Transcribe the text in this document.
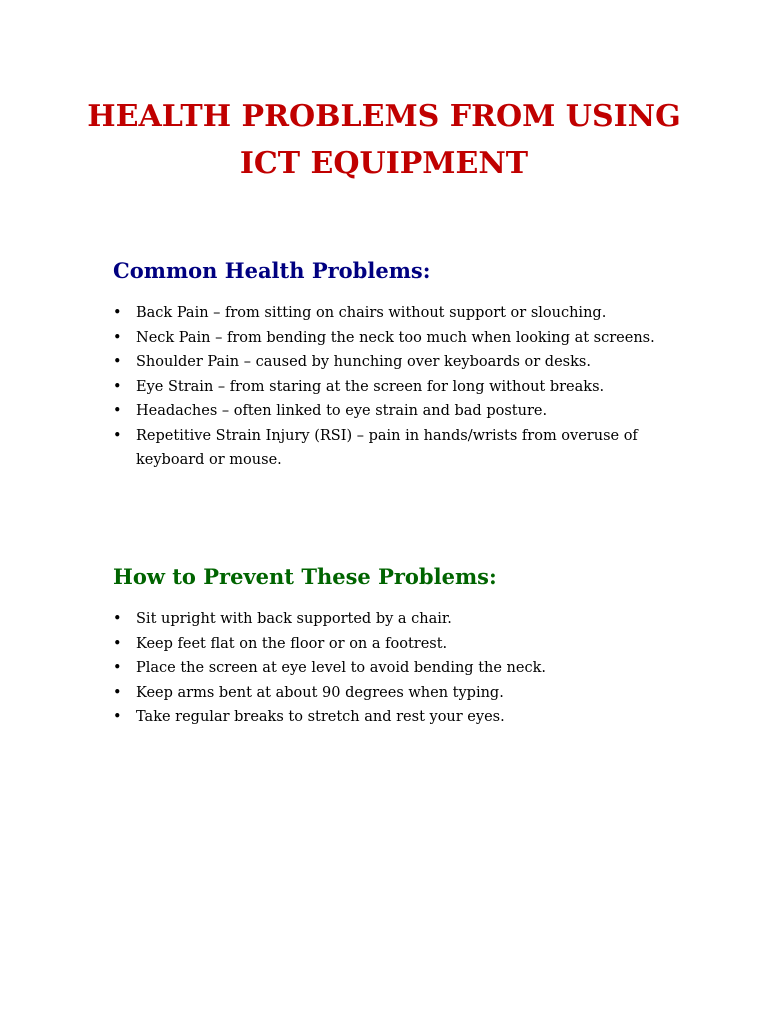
HEALTH PROBLEMS FROM USING
ICT EQUIPMENT
Common Health Problems:
• Back Pain – from sitting on chairs without support or slouching.
• Neck Pain – from bending the neck too much when looking at screens.
• Shoulder Pain – caused by hunching over keyboards or desks.
• Eye Strain – from staring at the screen for long without breaks.
• Headaches – often linked to eye strain and bad posture.
• Repetitive Strain Injury (RSI) – pain in hands/wrists from overuse of keyboard or mouse.
How to Prevent These Problems:
• Sit upright with back supported by a chair.
• Keep feet flat on the floor or on a footrest.
• Place the screen at eye level to avoid bending the neck.
• Keep arms bent at about 90 degrees when typing.
• Take regular breaks to stretch and rest your eyes.
